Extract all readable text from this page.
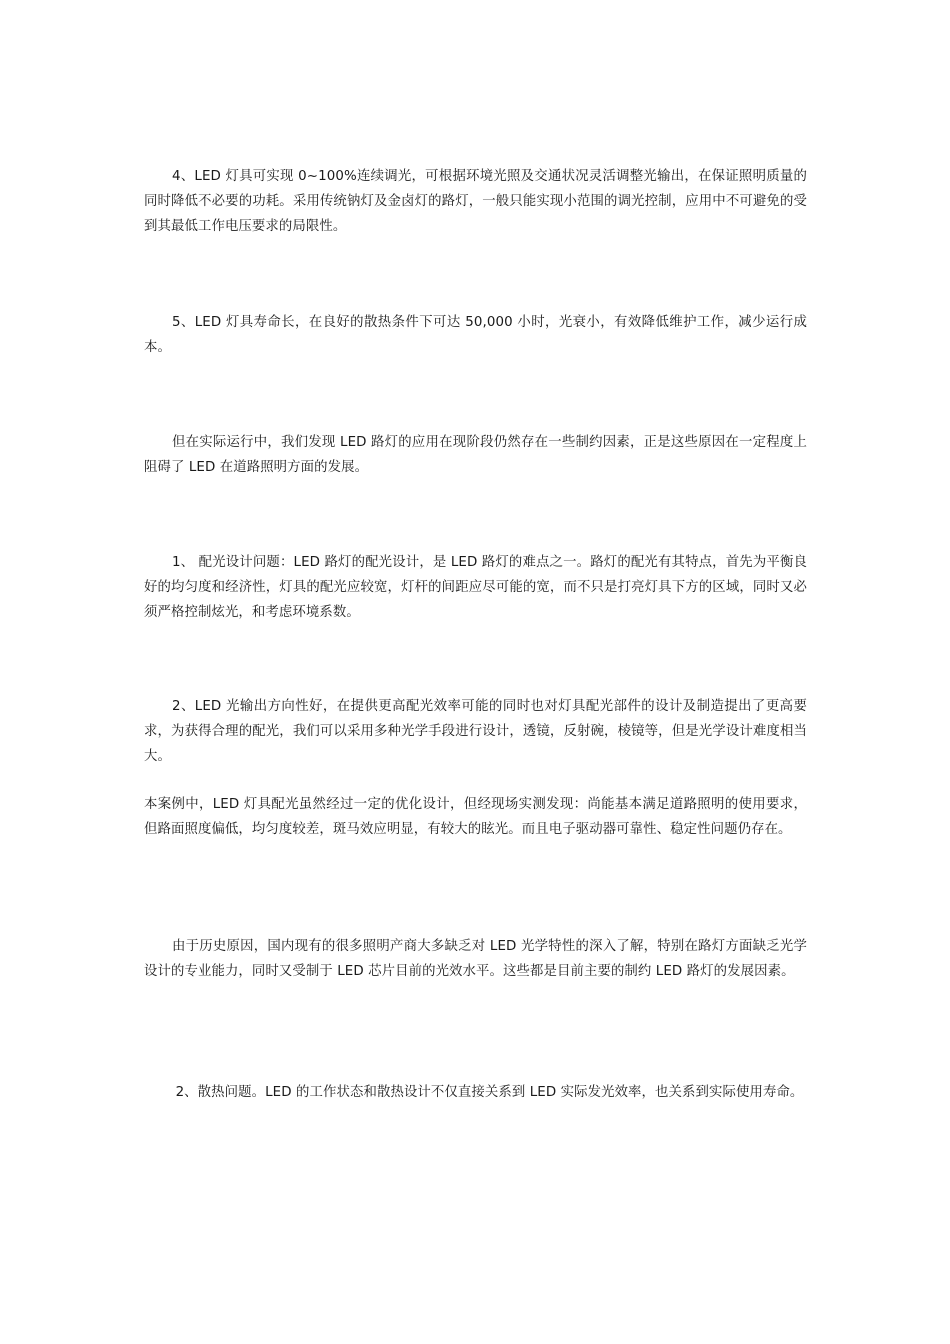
4、LED 灯具可实现 0~100%连续调光，可根据环境光照及交通状况灵活调整光输出，在保证照明质量的同时降低不必要的功耗。采用传统钠灯及金卤灯的路灯，一般只能实现小范围的调光控制，应用中不可避免的受到其最低工作电压要求的局限性。

5、LED 灯具寿命长，在良好的散热条件下可达 50,000 小时，光衰小，有效降低维护工作，减少运行成本。

但在实际运行中，我们发现 LED 路灯的应用在现阶段仍然存在一些制约因素，正是这些原因在一定程度上阻碍了 LED 在道路照明方面的发展。

1、 配光设计问题：LED 路灯的配光设计，是 LED 路灯的难点之一。路灯的配光有其特点，首先为平衡良好的均匀度和经济性，灯具的配光应较宽，灯杆的间距应尽可能的宽，而不只是打亮灯具下方的区域，同时又必须严格控制炫光，和考虑环境系数。

2、LED 光输出方向性好，在提供更高配光效率可能的同时也对灯具配光部件的设计及制造提出了更高要求，为获得合理的配光，我们可以采用多种光学手段进行设计，透镜，反射碗，棱镜等，但是光学设计难度相当大。

本案例中，LED 灯具配光虽然经过一定的优化设计，但经现场实测发现：尚能基本满足道路照明的使用要求，但路面照度偏低，均匀度较差，斑马效应明显，有较大的眩光。而且电子驱动器可靠性、稳定性问题仍存在。

由于历史原因，国内现有的很多照明产商大多缺乏对 LED 光学特性的深入了解，特别在路灯方面缺乏光学设计的专业能力，同时又受制于 LED 芯片目前的光效水平。这些都是目前主要的制约 LED 路灯的发展因素。

2、散热问题。LED 的工作状态和散热设计不仅直接关系到 LED 实际发光效率，也关系到实际使用寿命。
